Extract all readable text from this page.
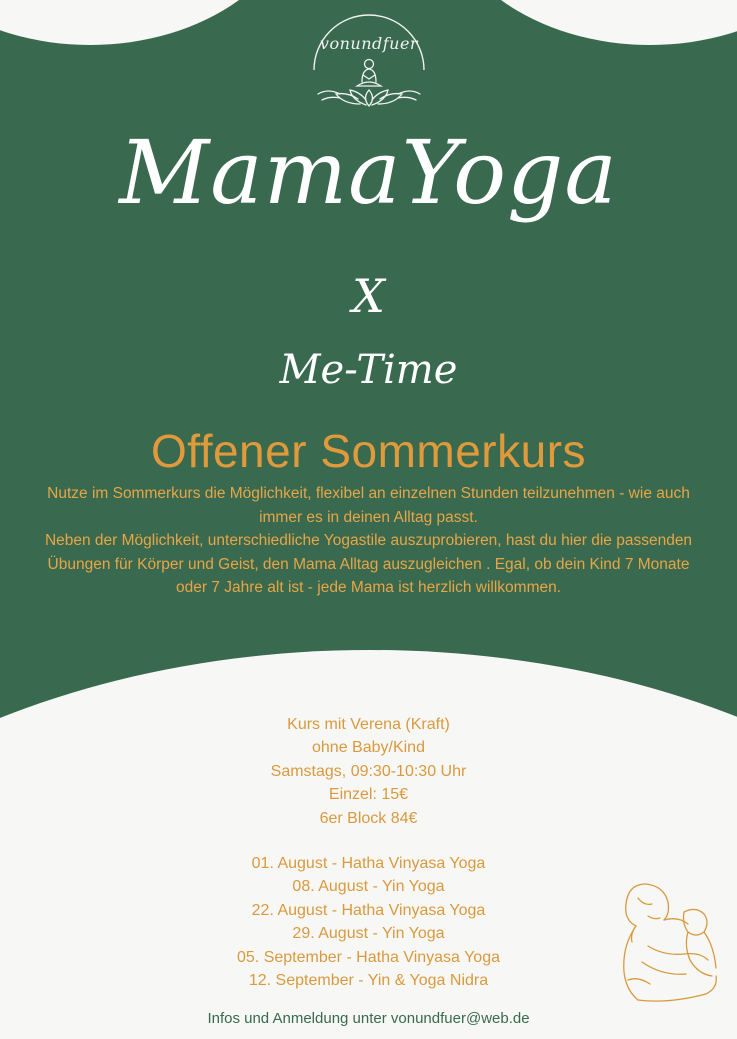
vonundfuer
MamaYoga
X
Me-Time
Offener Sommerkurs

Nutze im Sommerkurs die Möglichkeit, flexibel an einzelnen Stunden teilzunehmen - wie auch immer es in deinen Alltag passt.

Neben der Möglichkeit, unterschiedliche Yogastile auszuprobieren, hast du hier die passenden Übungen für Körper und Geist, den Mama Alltag auszugleichen . Egal, ob dein Kind 7 Monate oder 7 Jahre alt ist - jede Mama ist herzlich willkommen.

Kurs mit Verena (Kraft)
ohne Baby/Kind
Samstags, 09:30-10:30 Uhr
Einzel: 15€
6er Block 84€
01. August - Hatha Vinyasa Yoga
08. August - Yin Yoga
22. August - Hatha Vinyasa Yoga
29. August - Yin Yoga
05. September - Hatha Vinyasa Yoga
12. September - Yin & Yoga Nidra
Infos und Anmeldung unter vonundfuer@web.de
